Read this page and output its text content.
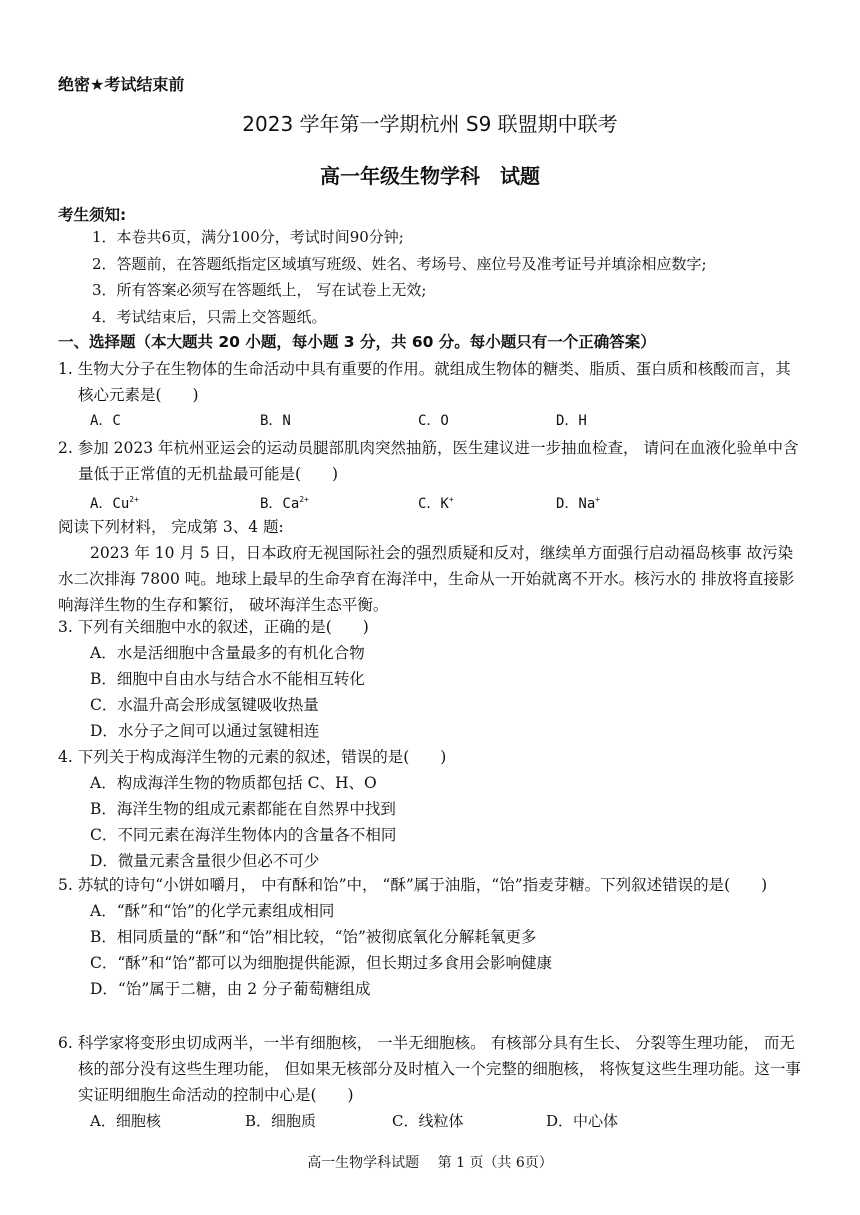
绝密★考试结束前
2023 学年第一学期杭州 S9 联盟期中联考
高一年级生物学科　试题
考生须知:
1．本卷共6页，满分100分，考试时间90分钟;
2．答题前，在答题纸指定区域填写班级、姓名、考场号、座位号及准考证号并填涂相应数字;
3．所有答案必须写在答题纸上， 写在试卷上无效;
4．考试结束后，只需上交答题纸。
一、选择题（本大题共 20 小题，每小题 3 分，共 60 分。每小题只有一个正确答案）
1. 生物大分子在生物体的生命活动中具有重要的作用。就组成生物体的糖类、脂质、蛋白质和核酸而言，其核心元素是(　　)
A．C	B．N	C．O	D．H
2. 参加 2023 年杭州亚运会的运动员腿部肌肉突然抽筋，医生建议进一步抽血检查， 请问在血液化验单中含量低于正常值的无机盐最可能是(　　)
A．$Cu^{2+}$	B．$Ca^{2+}$	C．K+	D．Na+
阅读下列材料， 完成第 3、4 题:
2023 年 10 月 5 日，日本政府无视国际社会的强烈质疑和反对，继续单方面强行启动福岛核事 故污染水二次排海 7800 吨。地球上最早的生命孕育在海洋中，生命从一开始就离不开水。核污水的 排放将直接影响海洋生物的生存和繁衍， 破坏海洋生态平衡。
3. 下列有关细胞中水的叙述，正确的是(　　)
A．水是活细胞中含量最多的有机化合物
B．细胞中自由水与结合水不能相互转化
C．水温升高会形成氢键吸收热量
D．水分子之间可以通过氢键相连
4. 下列关于构成海洋生物的元素的叙述，错误的是(　　)
A．构成海洋生物的物质都包括 C、H、O
B．海洋生物的组成元素都能在自然界中找到
C．不同元素在海洋生物体内的含量各不相同
D．微量元素含量很少但必不可少
5. 苏轼的诗句“小饼如嚼月， 中有酥和饴”中， “酥”属于油脂，“饴”指麦芽糖。下列叙述错误的是(　　)
A．“酥”和“饴”的化学元素组成相同
B．相同质量的“酥”和“饴”相比较，“饴”被彻底氧化分解耗氧更多
C．“酥”和“饴”都可以为细胞提供能源，但长期过多食用会影响健康
D．“饴”属于二糖，由 2 分子葡萄糖组成
6. 科学家将变形虫切成两半，一半有细胞核， 一半无细胞核。 有核部分具有生长、 分裂等生理功能， 而无核的部分没有这些生理功能， 但如果无核部分及时植入一个完整的细胞核， 将恢复这些生理功能。这一事实证明细胞生命活动的控制中心是(　　)
A．细胞核	B．细胞质	C．线粒体	D．中心体
高一生物学科试题　 第 1 页（共 6页）
